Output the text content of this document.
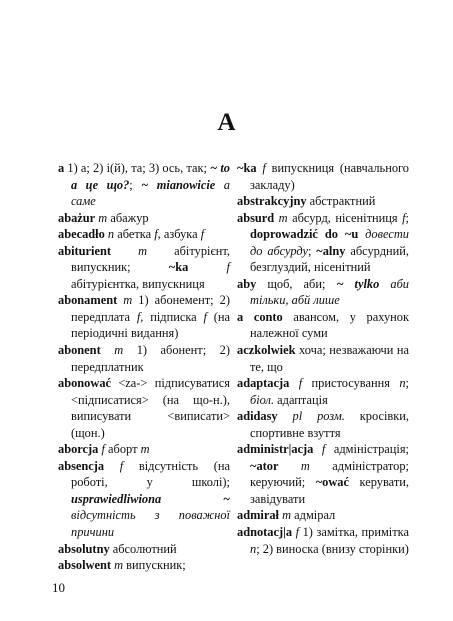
A

a 1) а; 2) і(й), та; 3) ось, так; ~ to a це що?; ~ mianowicie а саме

abażur m абажур

abecadło n абетка f, азбука f

abiturient m абітурієнт, випускник; ~ka	f абітурієнтка, випускниця

abonament m 1) абонемент; 2) передплата f, підписка f (на періодичні видання)

abonent m 1) абонент; 2) передплатник

abonować <za-> підписуватися <підписатися> (на що-н.), виписувати <виписати> (щон.)

aborcja f аборт m

absencja f відсутність (на роботі, у школі); usprawiedliwiona ~ відсутність з поважної причини

absolutny абсолютний

absolwent m випускник;

~ka f випускниця (навчального закладу)

abstrakcyjny абстрактний

absurd m абсурд, нісенітниця f; doprowadzić do ~u довести до абсурду; ~alny абсурдний, безглуздий, нісенітний

aby щоб, аби; ~ tylko аби тільки, абй лише

a conto авансом, у рахунок належної суми

aczkolwiek хоча; незважаючи на те, що

adaptacja f пристосування n; біол. адаптація

adidasy pl розм. кросівки, спортивне взуття

administr|acja f адміністрація; ~ator m адміністратор; керуючий; ~ować керувати, завідувати

admirał m адмірал

adnotacj|a f 1) замітка, примітка n; 2) виноска (внизу сторінки)

10
